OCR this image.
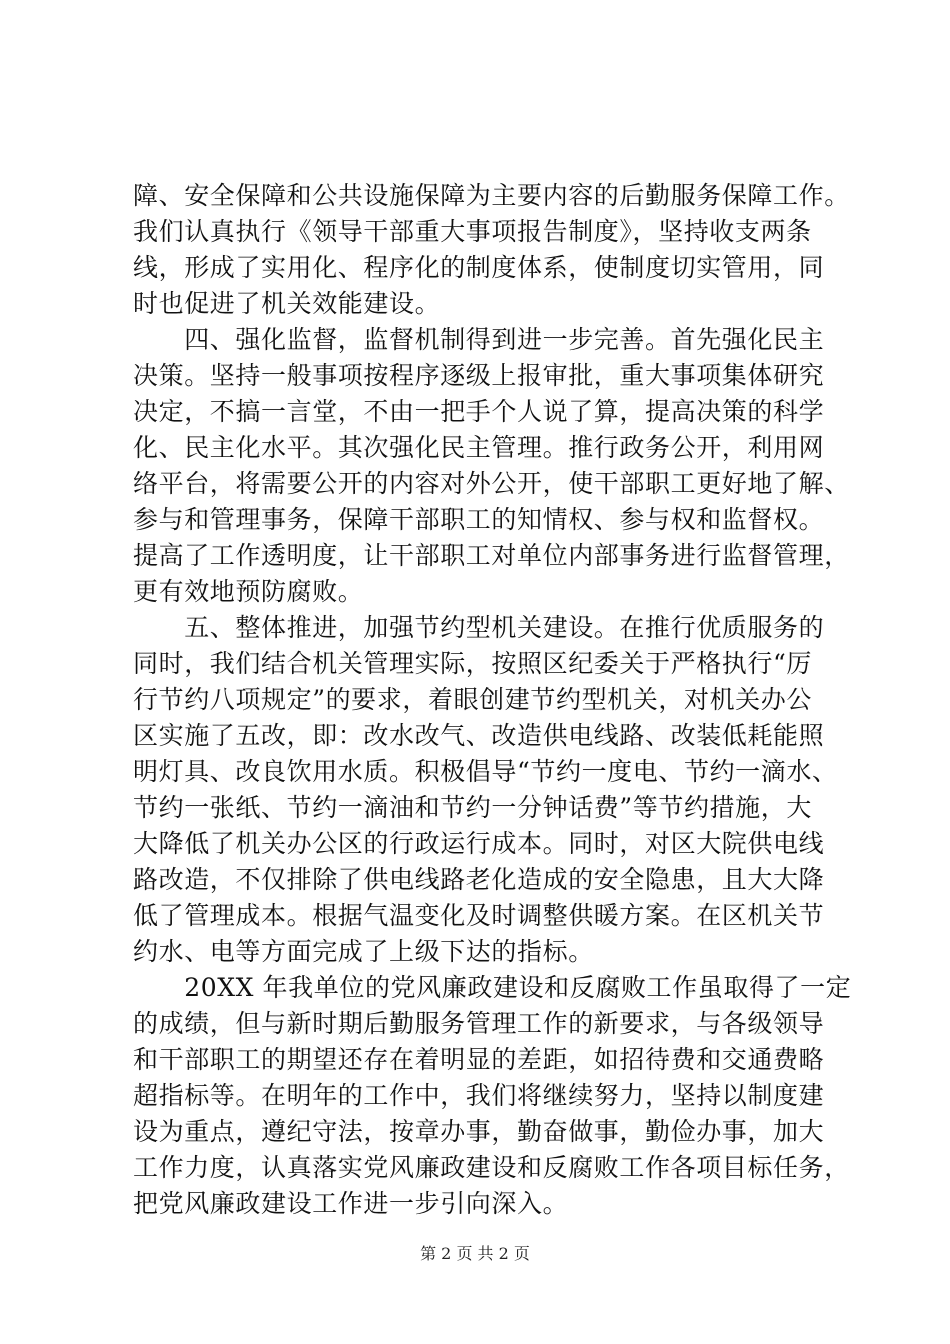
障、安全保障和公共设施保障为主要内容的后勤服务保障工作。
我们认真执行《领导干部重大事项报告制度》，坚持收支两条
线，形成了实用化、程序化的制度体系，使制度切实管用，同
时也促进了机关效能建设。
　　四、强化监督，监督机制得到进一步完善。首先强化民主
决策。坚持一般事项按程序逐级上报审批，重大事项集体研究
决定，不搞一言堂，不由一把手个人说了算，提高决策的科学
化、民主化水平。其次强化民主管理。推行政务公开，利用网
络平台，将需要公开的内容对外公开，使干部职工更好地了解、
参与和管理事务，保障干部职工的知情权、参与权和监督权。
提高了工作透明度，让干部职工对单位内部事务进行监督管理，
更有效地预防腐败。
　　五、整体推进，加强节约型机关建设。在推行优质服务的
同时，我们结合机关管理实际，按照区纪委关于严格执行“厉
行节约八项规定”的要求，着眼创建节约型机关，对机关办公
区实施了五改，即：改水改气、改造供电线路、改装低耗能照
明灯具、改良饮用水质。积极倡导“节约一度电、节约一滴水、
节约一张纸、节约一滴油和节约一分钟话费”等节约措施，大
大降低了机关办公区的行政运行成本。同时，对区大院供电线
路改造，不仅排除了供电线路老化造成的安全隐患，且大大降
低了管理成本。根据气温变化及时调整供暖方案。在区机关节
约水、电等方面完成了上级下达的指标。
　　20XX 年我单位的党风廉政建设和反腐败工作虽取得了一定
的成绩，但与新时期后勤服务管理工作的新要求，与各级领导
和干部职工的期望还存在着明显的差距，如招待费和交通费略
超指标等。在明年的工作中，我们将继续努力，坚持以制度建
设为重点，遵纪守法，按章办事，勤奋做事，勤俭办事，加大
工作力度，认真落实党风廉政建设和反腐败工作各项目标任务，
把党风廉政建设工作进一步引向深入。
第 2 页 共 2 页
